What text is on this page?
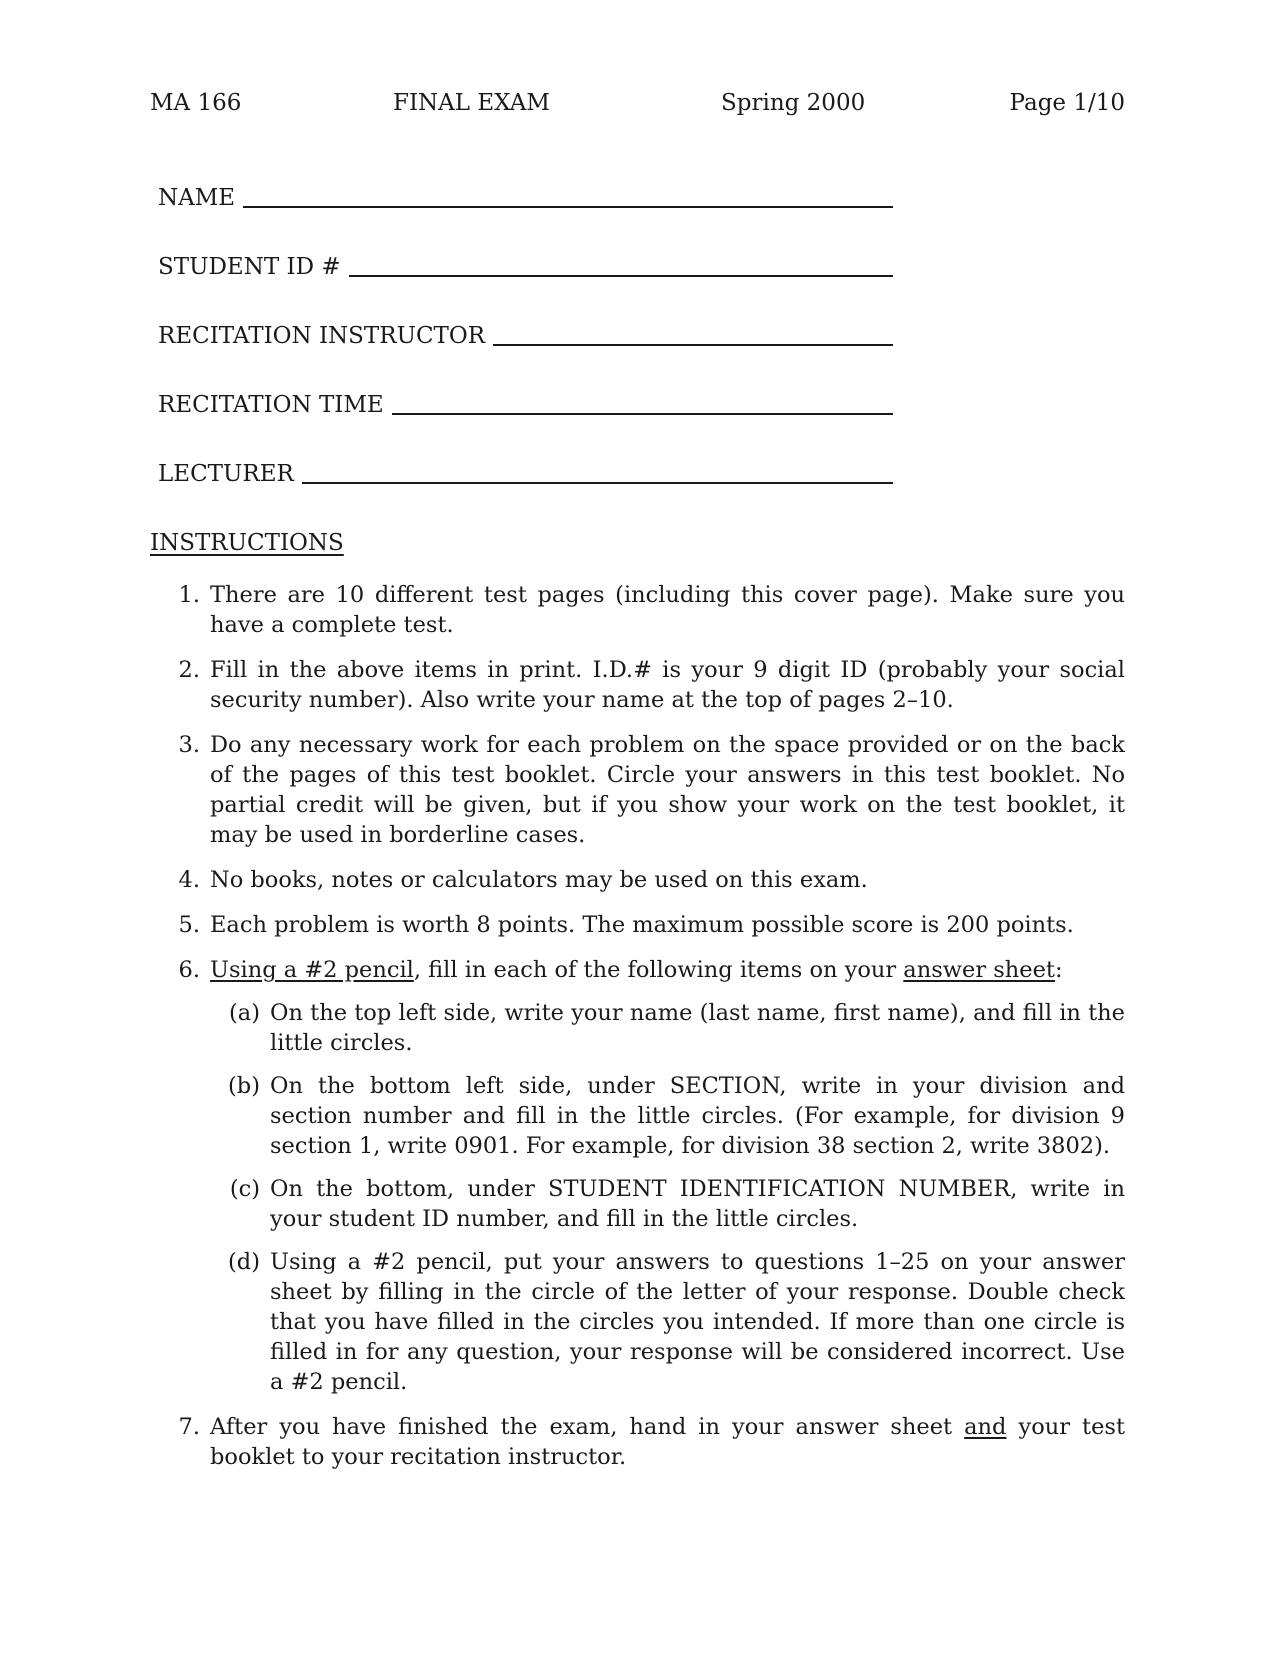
MA 166	FINAL EXAM	Spring 2000	Page 1/10
NAME
STUDENT ID #
RECITATION INSTRUCTOR
RECITATION TIME
LECTURER
INSTRUCTIONS
1. There are 10 different test pages (including this cover page). Make sure you have a complete test.
2. Fill in the above items in print. I.D.# is your 9 digit ID (probably your social security number). Also write your name at the top of pages 2–10.
3. Do any necessary work for each problem on the space provided or on the back of the pages of this test booklet. Circle your answers in this test booklet. No partial credit will be given, but if you show your work on the test booklet, it may be used in borderline cases.
4. No books, notes or calculators may be used on this exam.
5. Each problem is worth 8 points. The maximum possible score is 200 points.
6. Using a #2 pencil, fill in each of the following items on your answer sheet:
(a) On the top left side, write your name (last name, first name), and fill in the little circles.
(b) On the bottom left side, under SECTION, write in your division and section number and fill in the little circles. (For example, for division 9 section 1, write 0901. For example, for division 38 section 2, write 3802).
(c) On the bottom, under STUDENT IDENTIFICATION NUMBER, write in your student ID number, and fill in the little circles.
(d) Using a #2 pencil, put your answers to questions 1–25 on your answer sheet by filling in the circle of the letter of your response. Double check that you have filled in the circles you intended. If more than one circle is filled in for any question, your response will be considered incorrect. Use a #2 pencil.
7. After you have finished the exam, hand in your answer sheet and your test booklet to your recitation instructor.
